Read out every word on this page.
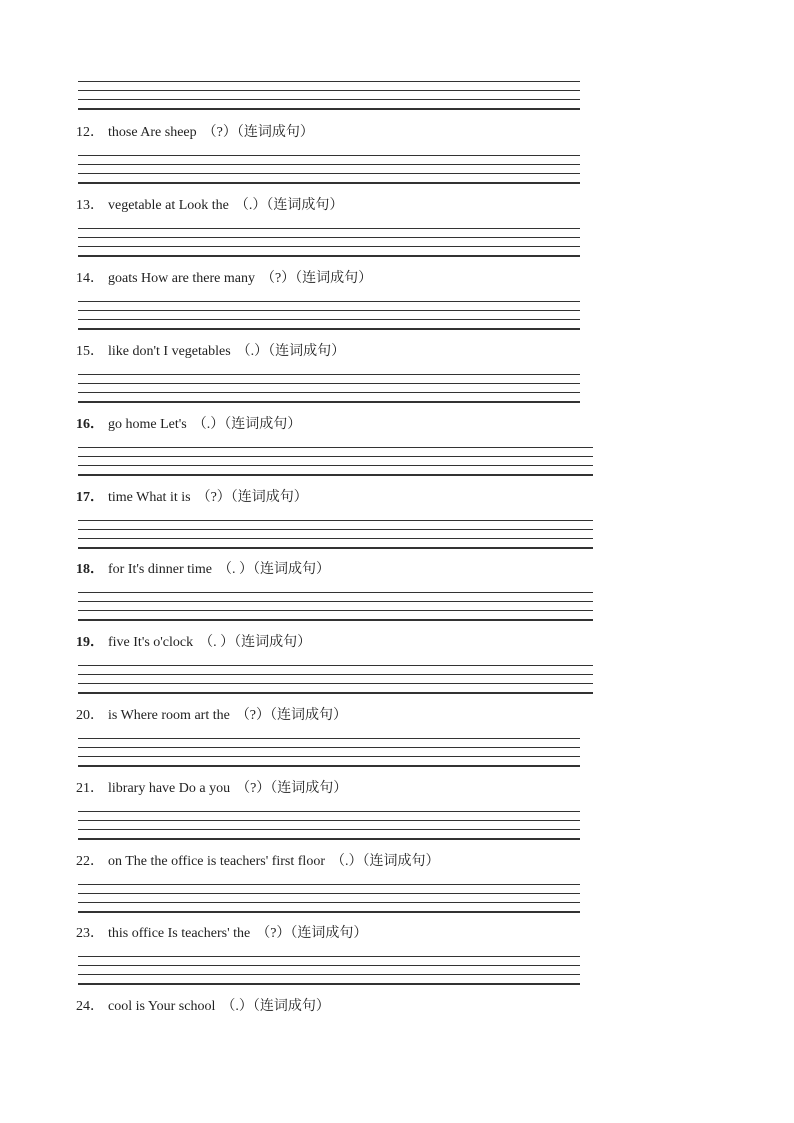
12． those Are sheep （?）（连词成句）
13． vegetable at Look the （.）（连词成句）
14． goats How are there many （?）（连词成句）
15． like don't I vegetables （.）（连词成句）
16． go home Let's （.）（连词成句）
17． time What it is （?）（连词成句）
18． for It's dinner time （. ）（连词成句）
19． five It's o'clock （. ）（连词成句）
20． is Where room art the （?）（连词成句）
21． library have Do a you （?）（连词成句）
22． on The the office is teachers' first floor （.）（连词成句）
23． this office Is teachers' the （?）（连词成句）
24． cool is Your school （.）（连词成句）
